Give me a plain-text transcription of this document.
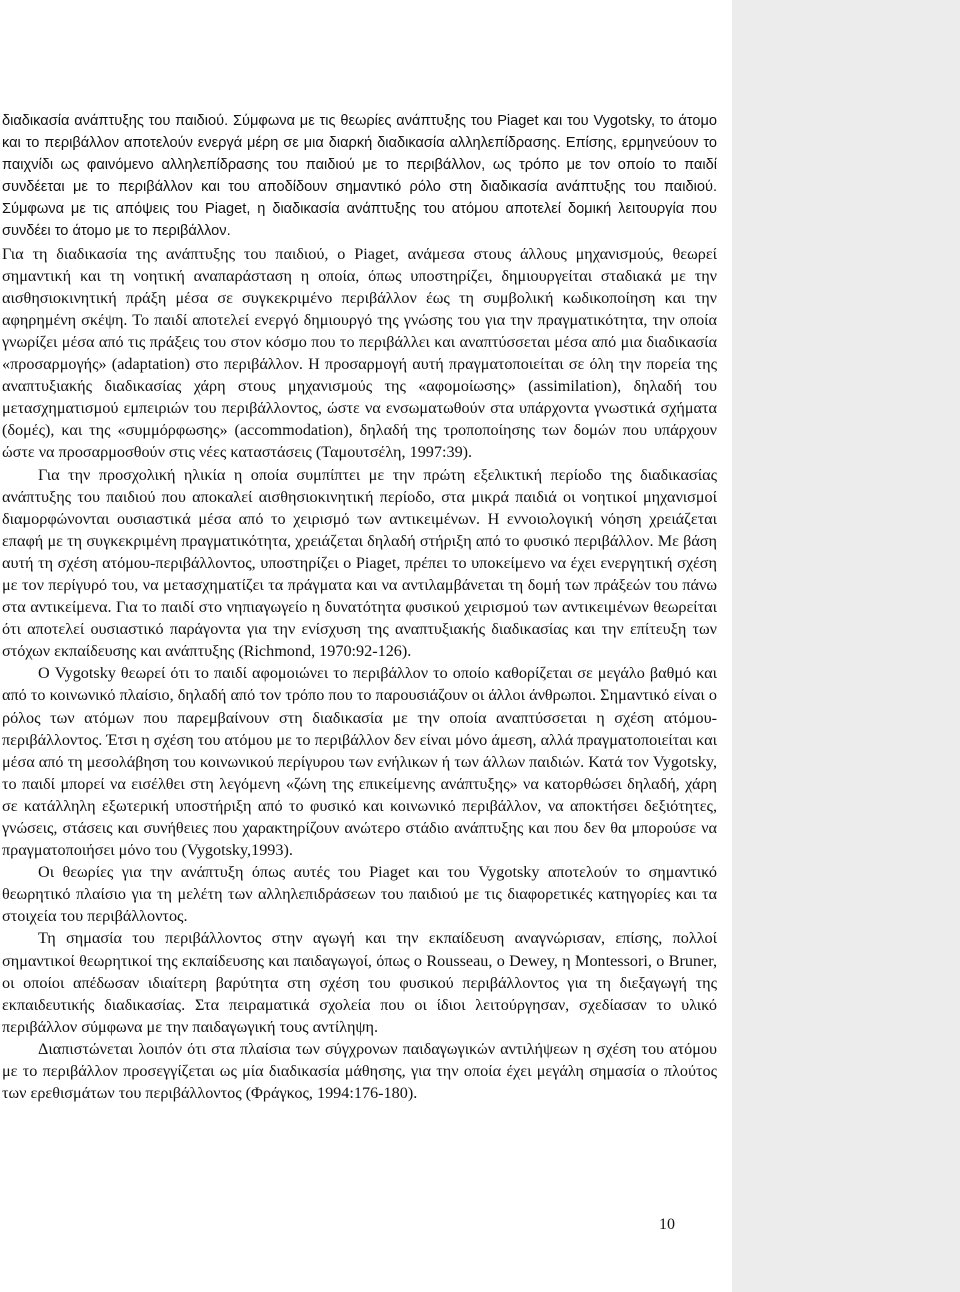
διαδικασία ανάπτυξης του παιδιού. Σύμφωνα με τις θεωρίες ανάπτυξης του Piaget και του Vygotsky, το άτομο και το περιβάλλον αποτελούν ενεργά μέρη σε μια διαρκή διαδικασία αλληλεπίδρασης. Επίσης, ερμηνεύουν το παιχνίδι ως φαινόμενο αλληλεπίδρασης του παιδιού με το περιβάλλον, ως τρόπο με τον οποίο το παιδί συνδέεται με το περιβάλλον και του αποδίδουν σημαντικό ρόλο στη διαδικασία ανάπτυξης του παιδιού. Σύμφωνα με τις απόψεις του Piaget, η διαδικασία ανάπτυξης του ατόμου αποτελεί δομική λειτουργία που συνδέει το άτομο με το περιβάλλον.

Για τη διαδικασία της ανάπτυξης του παιδιού, ο Piaget, ανάμεσα στους άλλους μηχανισμούς, θεωρεί σημαντική και τη νοητική αναπαράσταση η οποία, όπως υποστηρίζει, δημιουργείται σταδιακά με την αισθησιοκινητική πράξη μέσα σε συγκεκριμένο περιβάλλον έως τη συμβολική κωδικοποίηση και την αφηρημένη σκέψη. Το παιδί αποτελεί ενεργό δημιουργό της γνώσης του για την πραγματικότητα, την οποία γνωρίζει μέσα από τις πράξεις του στον κόσμο που το περιβάλλει και αναπτύσσεται μέσα από μια διαδικασία «προσαρμογής» (adaptation) στο περιβάλλον. Η προσαρμογή αυτή πραγματοποιείται σε όλη την πορεία της αναπτυξιακής διαδικασίας χάρη στους μηχανισμούς της «αφομοίωσης» (assimilation), δηλαδή του μετασχηματισμού εμπειριών του περιβάλλοντος, ώστε να ενσωματωθούν στα υπάρχοντα γνωστικά σχήματα (δομές), και της «συμμόρφωσης» (accommodation), δηλαδή της τροποποίησης των δομών που υπάρχουν ώστε να προσαρμοσθούν στις νέες καταστάσεις (Ταμουτσέλη, 1997:39).

Για την προσχολική ηλικία η οποία συμπίπτει με την πρώτη εξελικτική περίοδο της διαδικασίας ανάπτυξης του παιδιού που αποκαλεί αισθησιοκινητική περίοδο, στα μικρά παιδιά οι νοητικοί μηχανισμοί διαμορφώνονται ουσιαστικά μέσα από το χειρισμό των αντικειμένων. Η εννοιολογική νόηση χρειάζεται επαφή με τη συγκεκριμένη πραγματικότητα, χρειάζεται δηλαδή στήριξη από το φυσικό περιβάλλον. Με βάση αυτή τη σχέση ατόμου-περιβάλλοντος, υποστηρίζει ο Piaget, πρέπει το υποκείμενο να έχει ενεργητική σχέση με τον περίγυρό του, να μετασχηματίζει τα πράγματα και να αντιλαμβάνεται τη δομή των πράξεών του πάνω στα αντικείμενα. Για το παιδί στο νηπιαγωγείο η δυνατότητα φυσικού χειρισμού των αντικειμένων θεωρείται ότι αποτελεί ουσιαστικό παράγοντα για την ενίσχυση της αναπτυξιακής διαδικασίας και την επίτευξη των στόχων εκπαίδευσης και ανάπτυξης (Richmond, 1970:92-126).

Ο Vygotsky θεωρεί ότι το παιδί αφομοιώνει το περιβάλλον το οποίο καθορίζεται σε μεγάλο βαθμό και από το κοινωνικό πλαίσιο, δηλαδή από τον τρόπο που το παρουσιάζουν οι άλλοι άνθρωποι. Σημαντικό είναι ο ρόλος των ατόμων που παρεμβαίνουν στη διαδικασία με την οποία αναπτύσσεται η σχέση ατόμου-περιβάλλοντος. Έτσι η σχέση του ατόμου με το περιβάλλον δεν είναι μόνο άμεση, αλλά πραγματοποιείται και μέσα από τη μεσολάβηση του κοινωνικού περίγυρου των ενήλικων ή των άλλων παιδιών. Κατά τον Vygotsky, το παιδί μπορεί να εισέλθει στη λεγόμενη «ζώνη της επικείμενης ανάπτυξης» να κατορθώσει δηλαδή, χάρη σε κατάλληλη εξωτερική υποστήριξη από το φυσικό και κοινωνικό περιβάλλον, να αποκτήσει δεξιότητες, γνώσεις, στάσεις και συνήθειες που χαρακτηρίζουν ανώτερο στάδιο ανάπτυξης και που δεν θα μπορούσε να πραγματοποιήσει μόνο του (Vygotsky,1993).

Οι θεωρίες για την ανάπτυξη όπως αυτές του Piaget και του Vygotsky αποτελούν το σημαντικό θεωρητικό πλαίσιο για τη μελέτη των αλληλεπιδράσεων του παιδιού με τις διαφορετικές κατηγορίες και τα στοιχεία του περιβάλλοντος.

Τη σημασία του περιβάλλοντος στην αγωγή και την εκπαίδευση αναγνώρισαν, επίσης, πολλοί σημαντικοί θεωρητικοί της εκπαίδευσης και παιδαγωγοί, όπως ο Rousseau, ο Dewey, η Montessori, ο Bruner, οι οποίοι απέδωσαν ιδιαίτερη βαρύτητα στη σχέση του φυσικού περιβάλλοντος για τη διεξαγωγή της εκπαιδευτικής διαδικασίας. Στα πειραματικά σχολεία που οι ίδιοι λειτούργησαν, σχεδίασαν το υλικό περιβάλλον σύμφωνα με την παιδαγωγική τους αντίληψη.

Διαπιστώνεται λοιπόν ότι στα πλαίσια των σύγχρονων παιδαγωγικών αντιλήψεων η σχέση του ατόμου με το περιβάλλον προσεγγίζεται ως μία διαδικασία μάθησης, για την οποία έχει μεγάλη σημασία ο πλούτος των ερεθισμάτων του περιβάλλοντος (Φράγκος, 1994:176-180).

10
